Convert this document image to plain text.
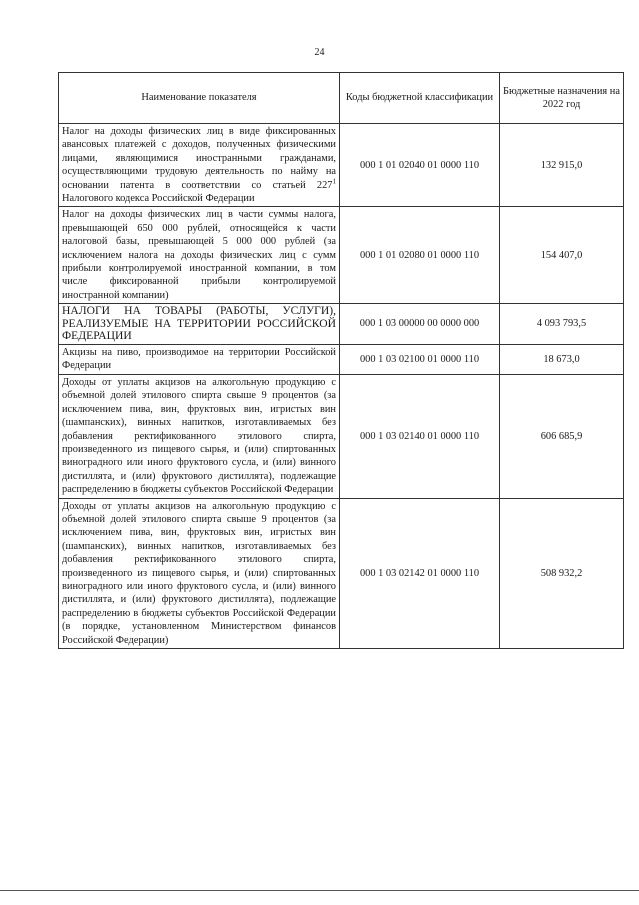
24
Наименование показателя	Коды бюджетной классификации	Бюджетные назначения на 2022 год
Налог на доходы физических лиц в виде фиксированных авансовых платежей с доходов, полученных физическими лицами, являющимися иностранными гражданами, осуществляющими трудовую деятельность по найму на основании патента в соответствии со статьей $227^1$ Налогового кодекса Российской Федерации	000 1 01 02040 01 0000 110	132 915,0
Налог на доходы физических лиц в части суммы налога, превышающей 650 000 рублей, относящейся к части налоговой базы, превышающей 5 000 000 рублей (за исключением налога на доходы физических лиц с сумм прибыли контролируемой иностранной компании, в том числе фиксированной прибыли контролируемой иностранной компании)	000 1 01 02080 01 0000 110	154 407,0
НАЛОГИ НА ТОВАРЫ (РАБОТЫ, УСЛУГИ), РЕАЛИЗУЕМЫЕ НА ТЕРРИТОРИИ РОССИЙСКОЙ ФЕДЕРАЦИИ	000 1 03 00000 00 0000 000	4 093 793,5
Акцизы на пиво, производимое на территории Российской Федерации	000 1 03 02100 01 0000 110	18 673,0
Доходы от уплаты акцизов на алкогольную продукцию с объемной долей этилового спирта свыше 9 процентов (за исключением пива, вин, фруктовых вин, игристых вин (шампанских), винных напитков, изготавливаемых без добавления ректификованного этилового спирта, произведенного из пищевого сырья, и (или) спиртованных виноградного или иного фруктового сусла, и (или) винного дистиллята, и (или) фруктового дистиллята), подлежащие распределению в бюджеты субъектов Российской Федерации	000 1 03 02140 01 0000 110	606 685,9
Доходы от уплаты акцизов на алкогольную продукцию с объемной долей этилового спирта свыше 9 процентов (за исключением пива, вин, фруктовых вин, игристых вин (шампанских), винных напитков, изготавливаемых без добавления ректификованного этилового спирта, произведенного из пищевого сырья, и (или) спиртованных виноградного или иного фруктового сусла, и (или) винного дистиллята, и (или) фруктового дистиллята), подлежащие распределению в бюджеты субъектов Российской Федерации (в порядке, установленном Министерством финансов Российской Федерации)	000 1 03 02142 01 0000 110	508 932,2
